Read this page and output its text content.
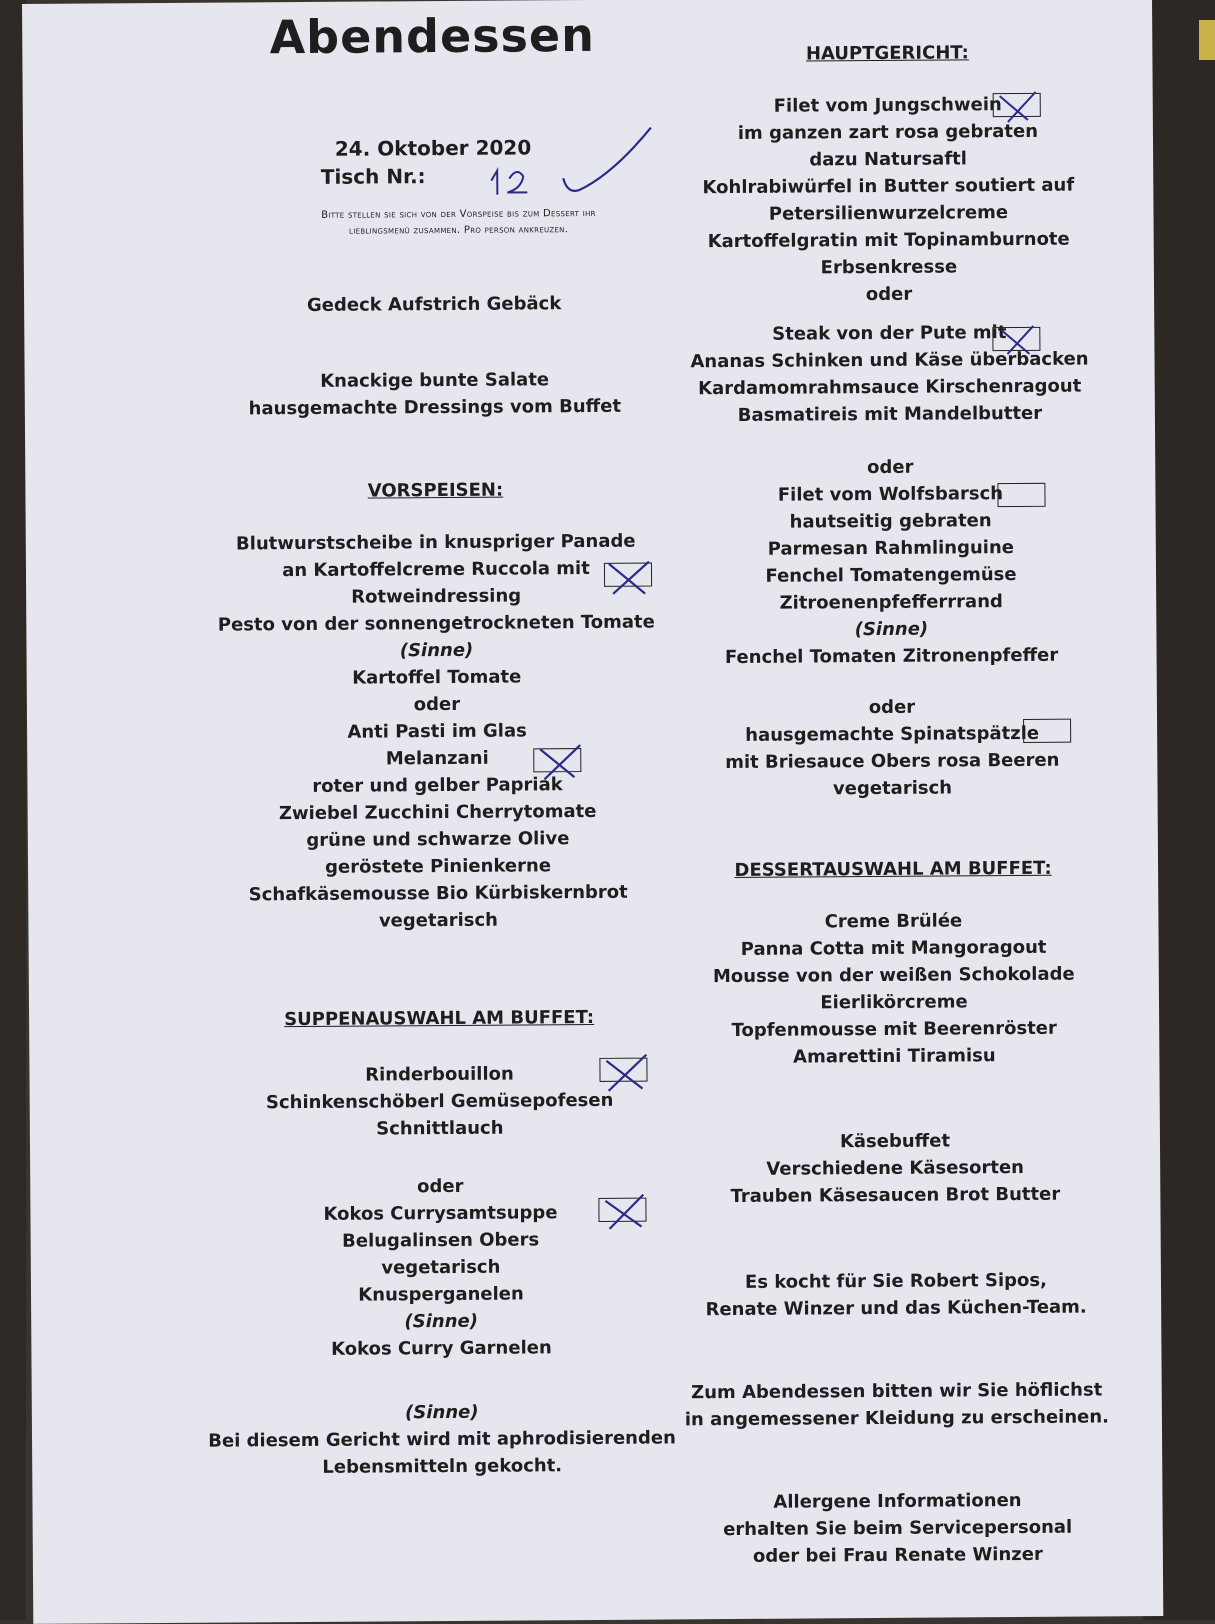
Abendessen
24. Oktober 2020
Tisch Nr.:
Bitte stellen sie sich von der Vorspeise bis zum Dessert ihr
lieblingsmenü zusammen. Pro person ankreuzen.
Gedeck Aufstrich Gebäck
Knackige bunte Salate
hausgemachte Dressings vom Buffet
VORSPEISEN:
Blutwurstscheibe in knuspriger Panade
an Kartoffelcreme Ruccola mit
Rotweindressing
Pesto von der sonnengetrockneten Tomate
(Sinne)
Kartoffel Tomate
oder
Anti Pasti im Glas
Melanzani
roter und gelber Papriak
Zwiebel Zucchini Cherrytomate
grüne und schwarze Olive
geröstete Pinienkerne
Schafkäsemousse Bio Kürbiskernbrot
vegetarisch
SUPPENAUSWAHL AM BUFFET:
Rinderbouillon
Schinkenschöberl Gemüsepofesen
Schnittlauch
oder
Kokos Currysamtsuppe
Belugalinsen Obers
vegetarisch
Knusperganelen
(Sinne)
Kokos Curry Garnelen
(Sinne)
Bei diesem Gericht wird mit aphrodisierenden
Lebensmitteln gekocht.
HAUPTGERICHT:
Filet vom Jungschwein
im ganzen zart rosa gebraten
dazu Natursaftl
Kohlrabiwürfel in Butter soutiert auf
Petersilienwurzelcreme
Kartoffelgratin mit Topinamburnote
Erbsenkresse
oder
Steak von der Pute mit
Ananas Schinken und Käse überbacken
Kardamomrahmsauce Kirschenragout
Basmatireis mit Mandelbutter
oder
Filet vom Wolfsbarsch
hautseitig gebraten
Parmesan Rahmlinguine
Fenchel Tomatengemüse
Zitroenenpfefferrrand
(Sinne)
Fenchel Tomaten Zitronenpfeffer
oder
hausgemachte Spinatspätzle
mit Briesauce Obers rosa Beeren
vegetarisch
DESSERTAUSWAHL AM BUFFET:
Creme Brülée
Panna Cotta mit Mangoragout
Mousse von der weißen Schokolade
Eierlikörcreme
Topfenmousse mit Beerenröster
Amarettini Tiramisu
Käsebuffet
Verschiedene Käsesorten
Trauben Käsesaucen Brot Butter
Es kocht für Sie Robert Sipos,
Renate Winzer und das Küchen-Team.
Zum Abendessen bitten wir Sie höflichst
in angemessener Kleidung zu erscheinen.
Allergene Informationen
erhalten Sie beim Servicepersonal
oder bei Frau Renate Winzer
